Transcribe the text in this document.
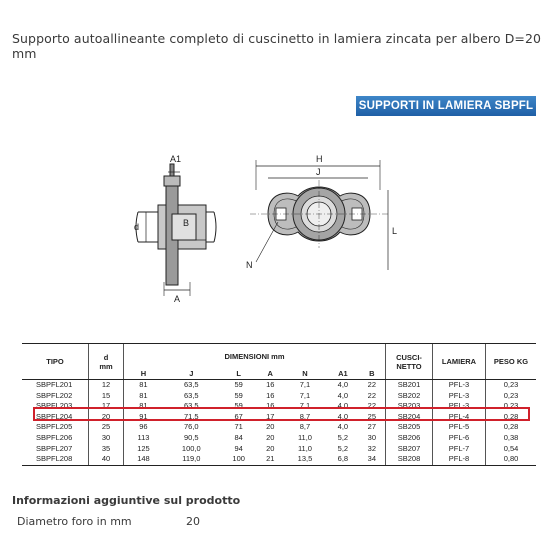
Supporto autoallineante completo di cuscinetto in lamiera zincata per albero D=20 mm
SUPPORTI IN LAMIERA SBPFL
A1
B
d
A
H
J
L
N
TIPO	d
mm	DIMENSIONI mm							CUSCI-
NETTO	LAMIERA	PESO KG
		H	J	L	A	N	A1	B			
SBPFL201	12	81	63,5	59	16	7,1	4,0	22	SB201	PFL-3	0,23
SBPFL202	15	81	63,5	59	16	7,1	4,0	22	SB202	PFL-3	0,23
SBPFL203	17	81	63,5	59	16	7,1	4,0	22	SB203	PFL-3	0,23
SBPFL204	20	91	71,5	67	17	8,7	4,0	25	SB204	PFL-4	0,28
SBPFL205	25	96	76,0	71	20	8,7	4,0	27	SB205	PFL-5	0,28
SBPFL206	30	113	90,5	84	20	11,0	5,2	30	SB206	PFL-6	0,38
SBPFL207	35	125	100,0	94	20	11,0	5,2	32	SB207	PFL-7	0,54
SBPFL208	40	148	119,0	100	21	13,5	6,8	34	SB208	PFL-8	0,80
Informazioni aggiuntive sul prodotto
Diametro foro in mm	20
